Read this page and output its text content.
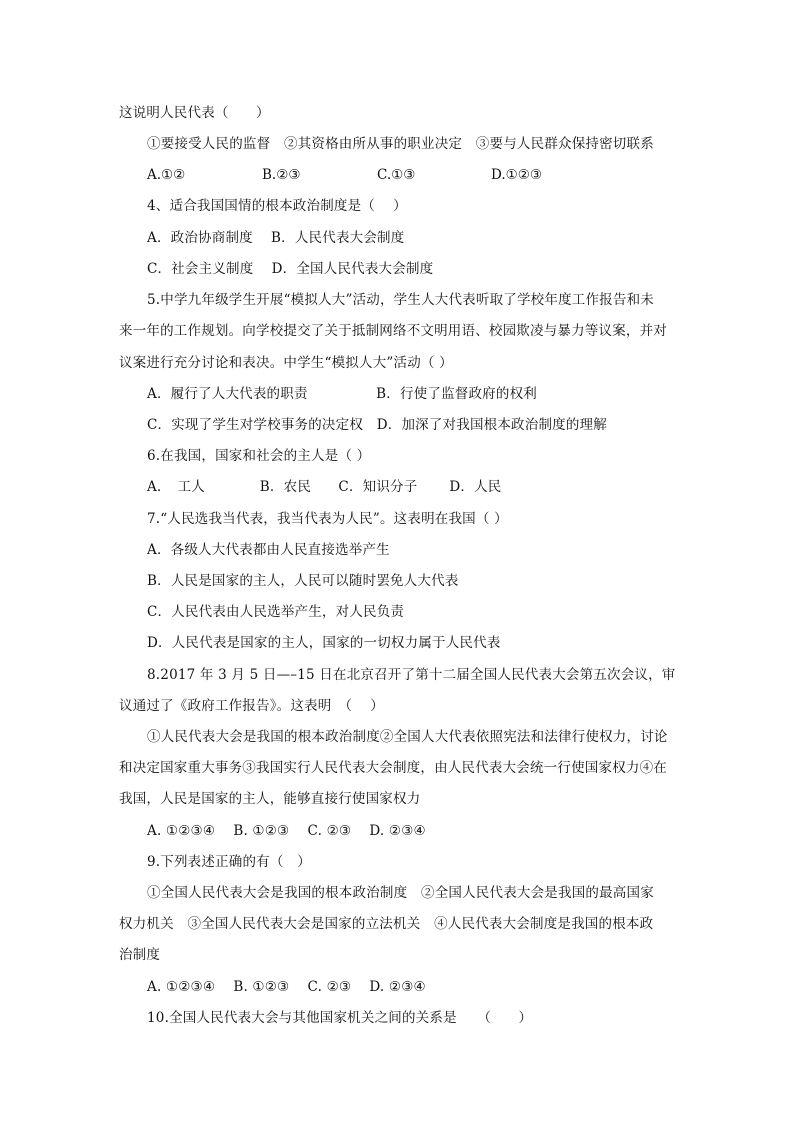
这说明人民代表（　　）
①要接受人民的监督　②其资格由所从事的职业决定　③要与人民群众保持密切联系
A.①②	B.②③	C.①③	D.①②③
4、适合我国国情的根本政治制度是（　 ）
A．政治协商制度　 B．人民代表大会制度
C．社会主义制度　 D．全国人民代表大会制度
5.中学九年级学生开展“模拟人大”活动，学生人大代表听取了学校年度工作报告和未
来一年的工作规划。向学校提交了关于抵制网络不文明用语、校园欺凌与暴力等议案，并对
议案进行充分讨论和表决。中学生“模拟人大”活动（ ）
A．履行了人大代表的职责　　　　　B．行使了监督政府的权利
C．实现了学生对学校事务的决定权　D．加深了对我国根本政治制度的理解
6.在我国，国家和社会的主人是（ ）
A．　工人　　　　B．农民　　C．知识分子　　 D．人民
7.“人民选我当代表，我当代表为人民”。这表明在我国（ ）
A．各级人大代表都由人民直接选举产生
B．人民是国家的主人，人民可以随时罢免人大代表
C．人民代表由人民选举产生，对人民负责
D．人民代表是国家的主人，国家的一切权力属于人民代表
8.2017 年 3 月 5 日—–15 日在北京召开了第十二届全国人民代表大会第五次会议，审
议通过了《政府工作报告》。这表明　（　 ）
①人民代表大会是我国的根本政治制度②全国人大代表依照宪法和法律行使权力，讨论
和决定国家重大事务③我国实行人民代表大会制度，由人民代表大会统一行使国家权力④在
我国，人民是国家的主人，能够直接行使国家权力
A. ①②③④　 B. ①②③　 C. ②③　 D. ②③④
9.下列表述正确的有（　）
①全国人民代表大会是我国的根本政治制度　②全国人民代表大会是我国的最高国家
权力机关　③全国人民代表大会是国家的立法机关　④人民代表大会制度是我国的根本政
治制度
A. ①②③④　 B. ①②③　 C. ②③　 D. ②③④
10.全国人民代表大会与其他国家机关之间的关系是　　（　　）
